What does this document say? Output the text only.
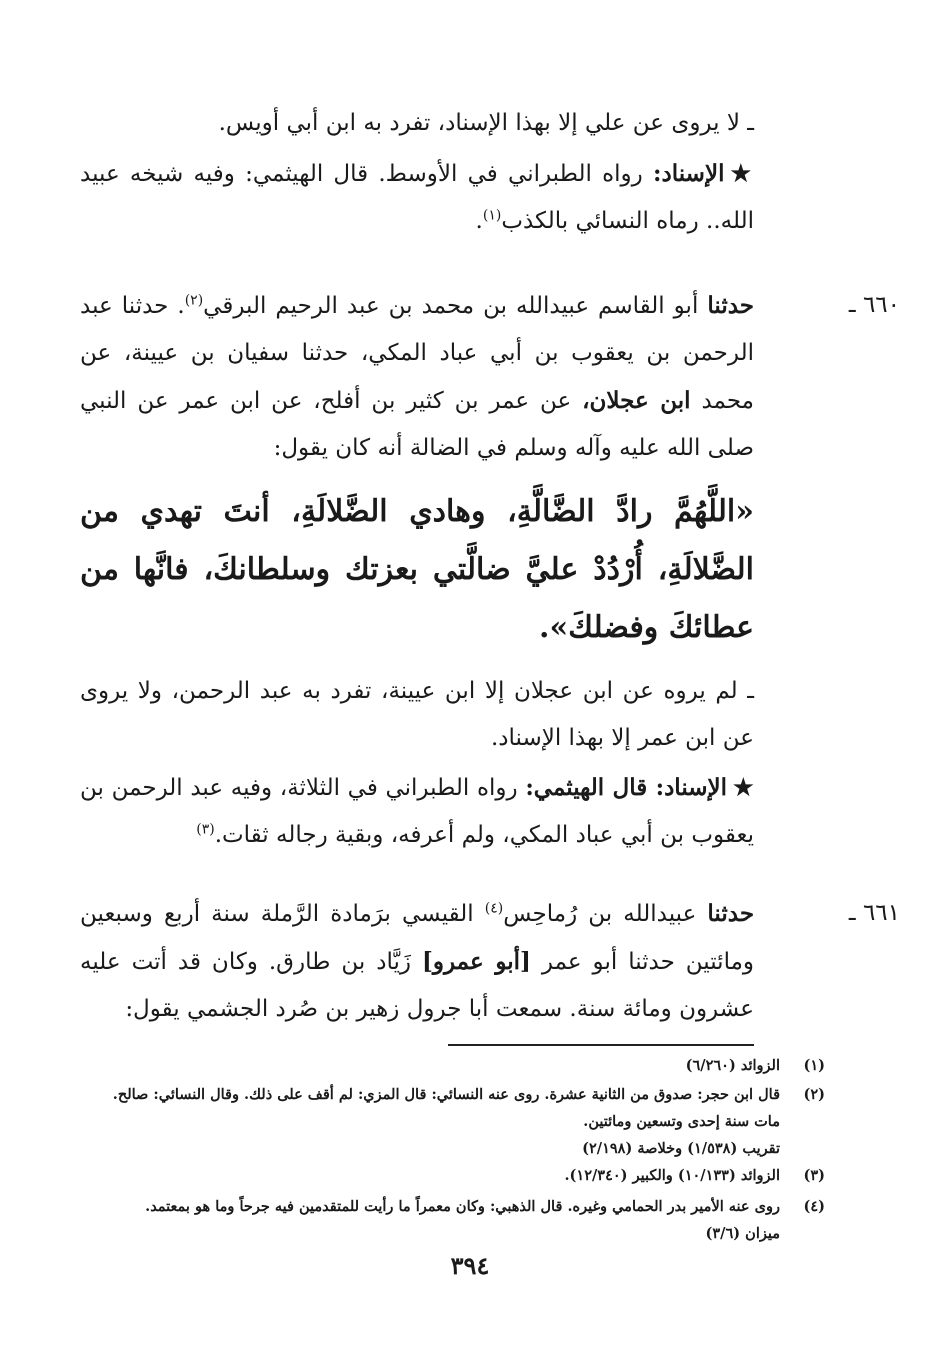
ـ لا يروى عن علي إلا بهذا الإسناد، تفرد به ابن أبي أويس.
★الإسناد: رواه الطبراني في الأوسط. قال الهيثمي: وفيه شيخه عبيد الله.. رماه النسائي بالكذب$^{(١)}$.
٦٦٠ ـ
حدثنا أبو القاسم عبيدالله بن محمد بن عبد الرحيم البرقي$^{(٢)}$. حدثنا عبد الرحمن بن يعقوب بن أبي عباد المكي، حدثنا سفيان بن عيينة، عن محمد ابن عجلان، عن عمر بن كثير بن أفلح، عن ابن عمر عن النبي صلى الله عليه وآله وسلم في الضالة أنه كان يقول:
«اللَّهُمَّ رادَّ الضَّالَّةِ، وهادي الضَّلالَةِ، أنتَ تهدي من الضَّلالَةِ، أُرْدُدْ عليَّ ضالَّتي بعزتك وسلطانكَ، فانَّها من عطائكَ وفضلكَ».
ـ لم يروه عن ابن عجلان إلا ابن عيينة، تفرد به عبد الرحمن، ولا يروى عن ابن عمر إلا بهذا الإسناد.
★الإسناد: قال الهيثمي: رواه الطبراني في الثلاثة، وفيه عبد الرحمن بن يعقوب بن أبي عباد المكي، ولم أعرفه، وبقية رجاله ثقات.$^{(٣)}$
٦٦١ ـ
حدثنا عبيدالله بن رُماحِس$^{(٤)}$ القيسي برَمادة الرَّملة سنة أربع وسبعين ومائتين حدثنا أبو عمر [أبو عمرو] زَيَّاد بن طارق. وكان قد أتت عليه عشرون ومائة سنة. سمعت أبا جرول زهير بن صُرد الجشمي يقول:
(١)
الزوائد (٦/٢٦٠)
(٢)
قال ابن حجر: صدوق من الثانية عشرة. روى عنه النسائي: قال المزي: لم أقف على ذلك. وقال النسائي: صالح.
مات سنة إحدى وتسعين ومائتين.
تقريب (١/٥٣٨) وخلاصة (٢/١٩٨)
(٣)
الزوائد (١٠/١٣٣) والكبير (١٢/٣٤٠).
(٤)
روى عنه الأمير بدر الحمامي وغيره. قال الذهبي: وكان معمراً ما رأيت للمتقدمين فيه جرحاً وما هو بمعتمد.
ميزان (٣/٦)
٣٩٤
